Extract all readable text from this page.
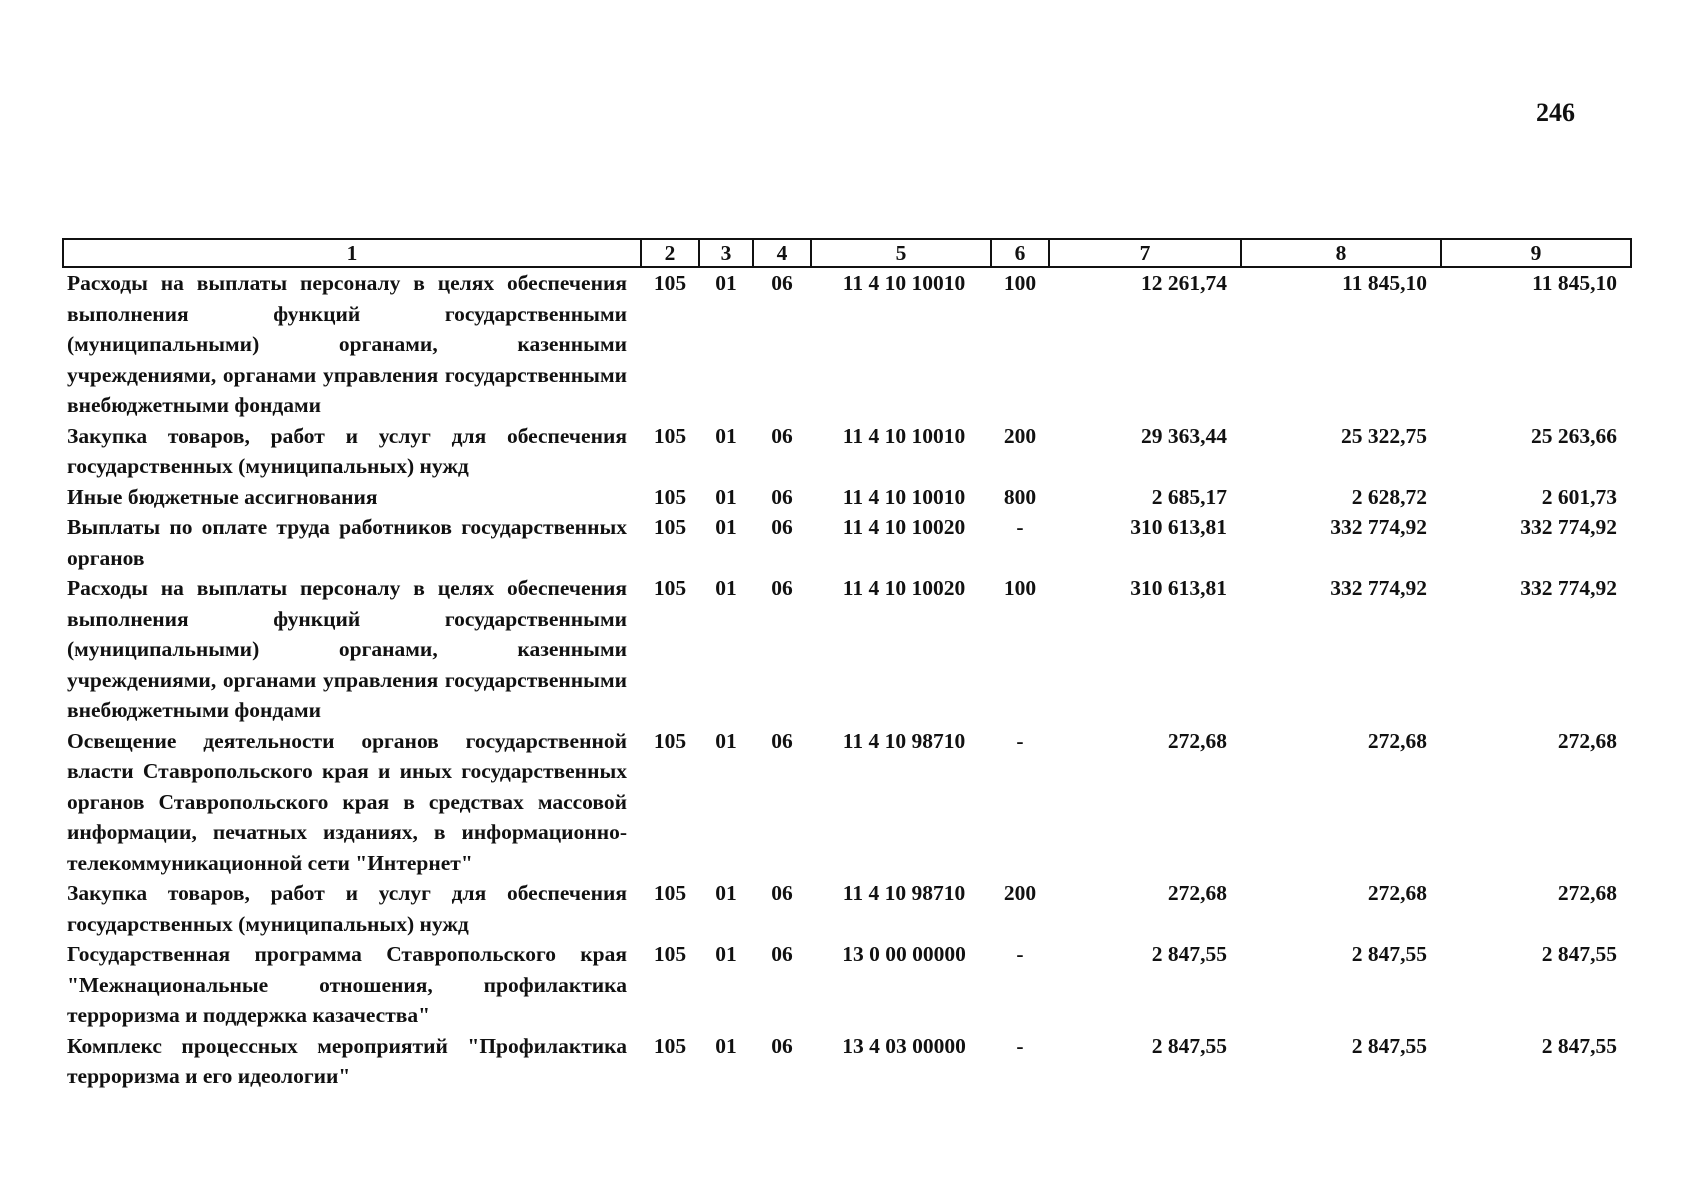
246
1	2	3	4	5	6	7	8	9
Расходы на выплаты персоналу в целях обеспечения выполнения функций государственными (муниципальными) органами, казенными учреждениями, органами управления государственными внебюджетными фондами	105	01	06	11 4 10 10010	100	12 261,74	11 845,10	11 845,10
Закупка товаров, работ и услуг для обеспечения государственных (муниципальных) нужд	105	01	06	11 4 10 10010	200	29 363,44	25 322,75	25 263,66
Иные бюджетные ассигнования	105	01	06	11 4 10 10010	800	2 685,17	2 628,72	2 601,73
Выплаты по оплате труда работников государственных органов	105	01	06	11 4 10 10020	-	310 613,81	332 774,92	332 774,92
Расходы на выплаты персоналу в целях обеспечения выполнения функций государственными (муниципальными) органами, казенными учреждениями, органами управления государственными внебюджетными фондами	105	01	06	11 4 10 10020	100	310 613,81	332 774,92	332 774,92
Освещение деятельности органов государственной власти Ставропольского края и иных государственных органов Ставропольского края в средствах массовой информации, печатных изданиях, в информационно-телекоммуникационной сети "Интернет"	105	01	06	11 4 10 98710	-	272,68	272,68	272,68
Закупка товаров, работ и услуг для обеспечения государственных (муниципальных) нужд	105	01	06	11 4 10 98710	200	272,68	272,68	272,68
Государственная программа Ставропольского края "Межнациональные отношения, профилактика терроризма и поддержка казачества"	105	01	06	13 0 00 00000	-	2 847,55	2 847,55	2 847,55
Комплекс процессных мероприятий "Профилактика терроризма и его идеологии"	105	01	06	13 4 03 00000	-	2 847,55	2 847,55	2 847,55
